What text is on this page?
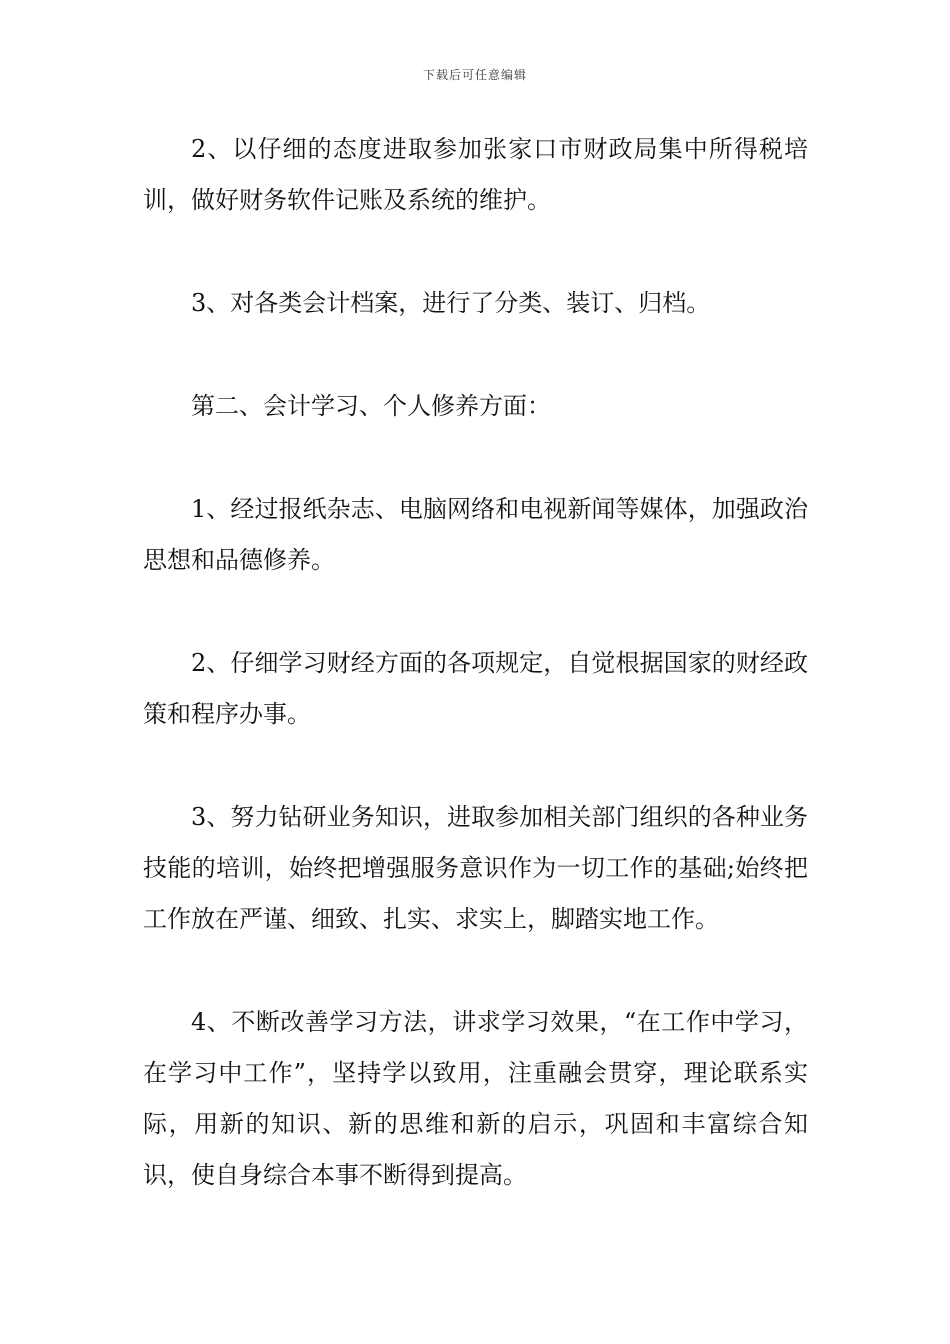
下载后可任意编辑

2、以仔细的态度进取参加张家口市财政局集中所得税培训，做好财务软件记账及系统的维护。

3、对各类会计档案，进行了分类、装订、归档。

第二、会计学习、个人修养方面：

1、经过报纸杂志、电脑网络和电视新闻等媒体，加强政治思想和品德修养。

2、仔细学习财经方面的各项规定，自觉根据国家的财经政策和程序办事。

3、努力钻研业务知识，进取参加相关部门组织的各种业务技能的培训，始终把增强服务意识作为一切工作的基础;始终把工作放在严谨、细致、扎实、求实上，脚踏实地工作。

4、不断改善学习方法，讲求学习效果，“在工作中学习，在学习中工作”，坚持学以致用，注重融会贯穿，理论联系实际，用新的知识、新的思维和新的启示，巩固和丰富综合知识，使自身综合本事不断得到提高。
